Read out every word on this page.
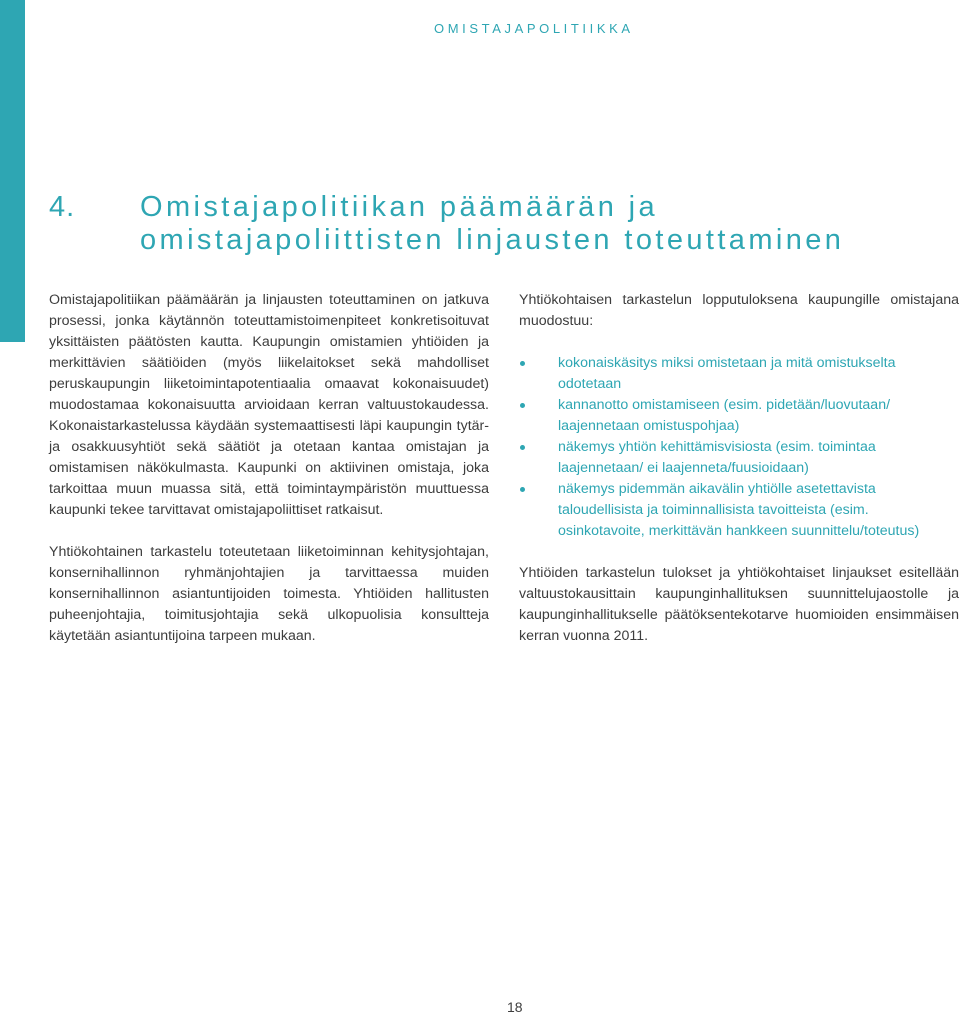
OMISTAJAPOLITIIKKA
4. Omistajapolitiikan päämäärän ja omistajapoliittisten linjausten toteuttaminen

Omistajapolitiikan päämäärän ja linjausten toteuttaminen on jatkuva prosessi, jonka käytännön toteuttamistoimenpiteet konkretisoituvat yksittäisten päätösten kautta. Kaupungin omistamien yhtiöiden ja merkittävien säätiöiden (myös liikelaitokset sekä mahdolliset peruskaupungin liiketoimintapotentiaalia omaavat kokonaisuudet) muodostamaa kokonaisuutta arvioidaan kerran valtuustokaudessa. Kokonaistarkastelussa käydään systemaattisesti läpi kaupungin tytär- ja osakkuusyhtiöt sekä säätiöt ja otetaan kantaa omistajan ja omistamisen näkökulmasta. Kaupunki on aktiivinen omistaja, joka tarkoittaa muun muassa sitä, että toimintaympäristön muuttuessa kaupunki tekee tarvittavat omistajapoliittiset ratkaisut.

Yhtiökohtainen tarkastelu toteutetaan liiketoiminnan kehitysjohtajan, konsernihallinnon ryhmänjohtajien ja tarvittaessa muiden konsernihallinnon asiantuntijoiden toimesta. Yhtiöiden hallitusten puheenjohtajia, toimitusjohtajia sekä ulkopuolisia konsultteja käytetään asiantuntijoina tarpeen mukaan.

Yhtiökohtaisen tarkastelun lopputuloksena kaupungille omistajana muodostuu:

kokonaiskäsitys miksi omistetaan ja mitä omistukselta odotetaan
kannanotto omistamiseen (esim. pidetään/luovutaan/ laajennetaan omistuspohjaa)
näkemys yhtiön kehittämisvisiosta (esim. toimintaa laajennetaan/ ei laajenneta/fuusioidaan)
näkemys pidemmän aikavälin yhtiölle asetettavista taloudellisista ja toiminnallisista tavoitteista (esim. osinkotavoite, merkittävän hankkeen suunnittelu/toteutus)

Yhtiöiden tarkastelun tulokset ja yhtiökohtaiset linjaukset esitellään valtuustokausittain kaupunginhallituksen suunnittelujaostolle ja kaupunginhallitukselle päätöksentekotarve huomioiden ensimmäisen kerran vuonna 2011.

18
